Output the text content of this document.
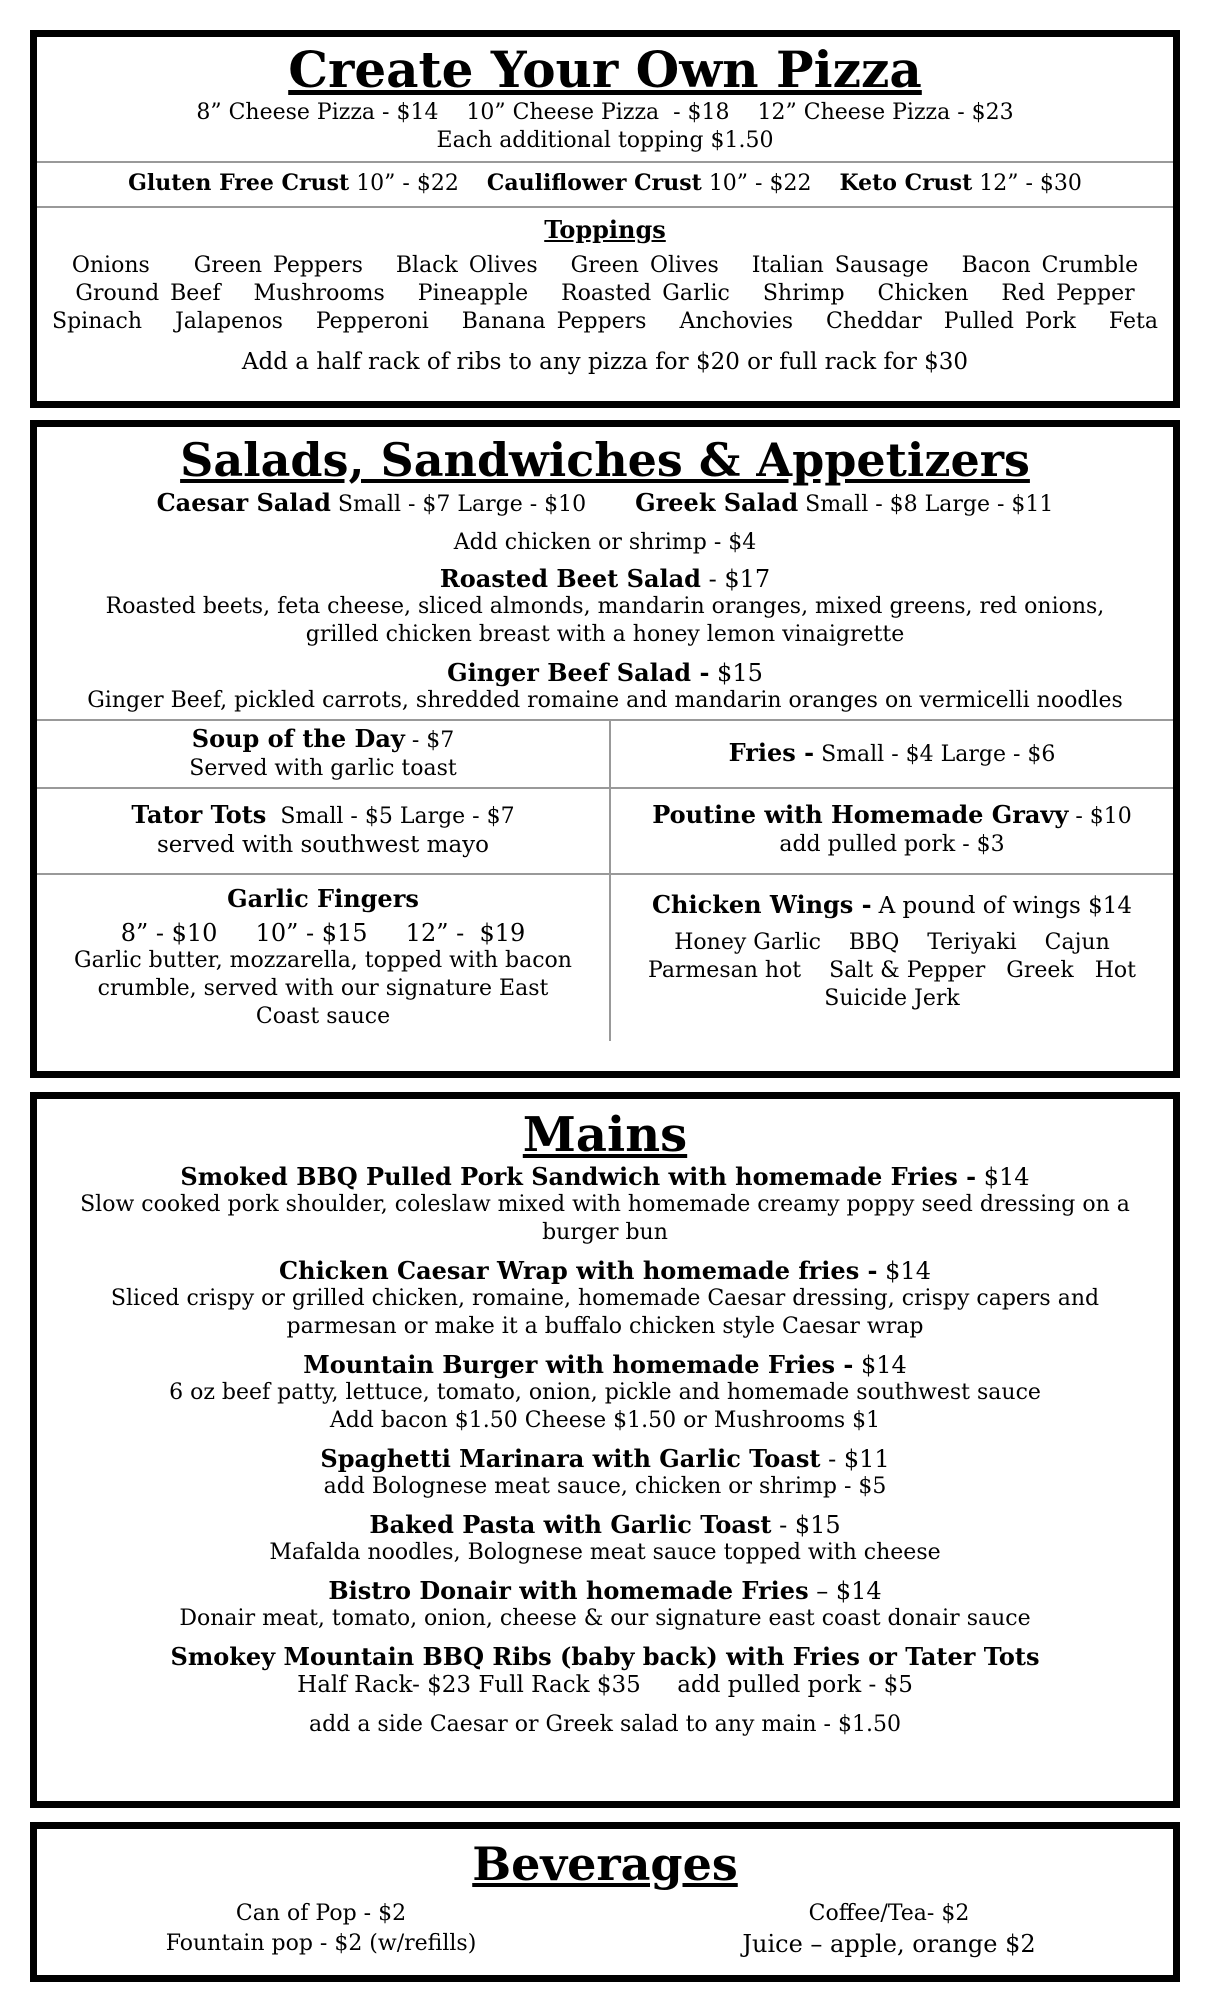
Create Your Own Pizza

8” Cheese Pizza - $14    10” Cheese Pizza  - $18    12” Cheese Pizza - $23

Each additional topping $1.50

Gluten Free Crust 10” - $22 Cauliflower Crust 10” - $22 Keto Crust 12” - $30

Toppings

Onions    Green Peppers   Black Olives   Green Olives   Italian Sausage   Bacon Crumble
Ground Beef   Mushrooms   Pineapple   Roasted Garlic   Shrimp   Chicken   Red Pepper
Spinach   Jalapenos   Pepperoni   Banana Peppers   Anchovies   Cheddar  Pulled Pork   Feta

Add a half rack of ribs to any pizza for $20 or full rack for $30

Salads, Sandwiches & Appetizers

Caesar Salad Small - $7 Large - $10 Greek Salad Small - $8 Large - $11

Add chicken or shrimp - $4

Roasted Beet Salad - $17

Roasted beets, feta cheese, sliced almonds, mandarin oranges, mixed greens, red onions,

grilled chicken breast with a honey lemon vinaigrette

Ginger Beef Salad - $15

Ginger Beef, pickled carrots, shredded romaine and mandarin oranges on vermicelli noodles

Soup of the Day - $7
Served with garlic toast
Fries - Small - $4 Large - $6
Tator Tots Small - $5 Large - $7
served with southwest mayo
Poutine with Homemade Gravy - $10
add pulled pork - $3
Garlic Fingers
8” - $10     10” - $15     12” -  $19
Garlic butter, mozzarella, topped with bacon
crumble, served with our signature East
Coast sauce
Chicken Wings - A pound of wings $14
Honey Garlic    BBQ    Teriyaki    Cajun
Parmesan hot    Salt & Pepper   Greek   Hot
Suicide Jerk
Mains

Smoked BBQ Pulled Pork Sandwich with homemade Fries - $14

Slow cooked pork shoulder, coleslaw mixed with homemade creamy poppy seed dressing on a

burger bun

Chicken Caesar Wrap with homemade fries - $14

Sliced crispy or grilled chicken, romaine, homemade Caesar dressing, crispy capers and

parmesan or make it a buffalo chicken style Caesar wrap

Mountain Burger with homemade Fries - $14

6 oz beef patty, lettuce, tomato, onion, pickle and homemade southwest sauce

Add bacon $1.50 Cheese $1.50 or Mushrooms $1

Spaghetti Marinara with Garlic Toast - $11

add Bolognese meat sauce, chicken or shrimp - $5

Baked Pasta with Garlic Toast - $15

Mafalda noodles, Bolognese meat sauce topped with cheese

Bistro Donair with homemade Fries – $14

Donair meat, tomato, onion, cheese & our signature east coast donair sauce

Smokey Mountain BBQ Ribs (baby back) with Fries or Tater Tots

Half Rack- $23 Full Rack $35     add pulled pork - $5

add a side Caesar or Greek salad to any main - $1.50

Beverages
Can of Pop - $2
Fountain pop - $2 (w/refills)
Coffee/Tea- $2
Juice – apple, orange $2
